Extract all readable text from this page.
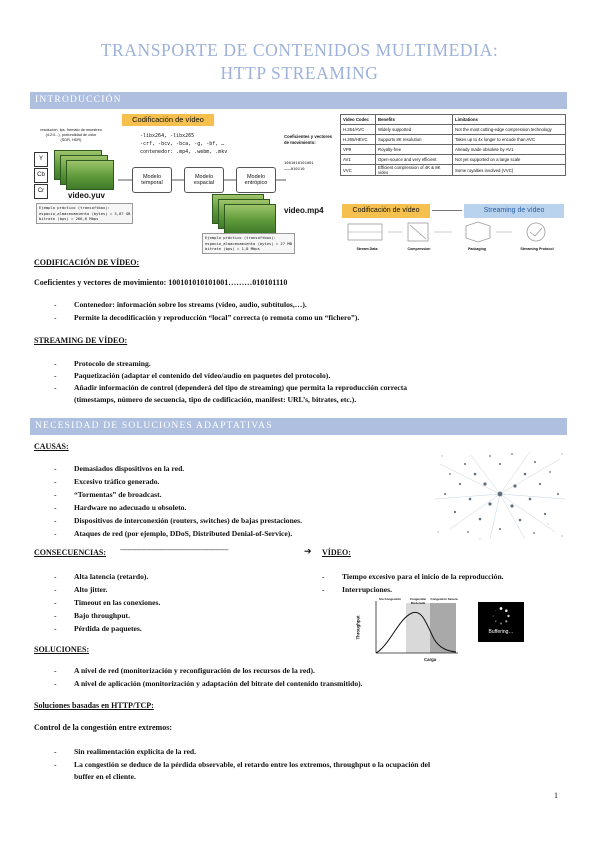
TRANSPORTE DE CONTENIDOS MULTIMEDIA:
HTTP STREAMING
INTRODUCCIÓN
Codificación de vídeo
resolución, fps, formato de muestreo (4:2:0...), profundidad de color (SDR, HDR)
Y
Cb
Cr	video.yuv
Ejemplo práctico (transoftbox):
espacio_almacenamiento (bytes) = 3,87 GB
bitrate (bps) = 266,6 Mbps
-libx264, -libx265
-crf, -bcv, -bca, -g, -bf, …
contenedor: .mp4, .webm, .mkv
Modelo temporal
Modelo espacial
Modelo entrópico
Coeficientes y vectores de movimiento:
1001010101001
………010110
video.mp4
Ejemplo práctico (transoftbox):
espacio_almacenamiento (bytes) = 27 MB
bitrate (bps) = 1,8 Mbps
Video Codec	Benefits	Limitations
H.264/AVC	Widely supported	Not the most cutting-edge compression technology
H.265/HEVC	Supports 8K resolution	Takes up to 4x longer to encode than AVC
VP9	Royalty-free	Already made obsolete by AV1
AV1	Open-source and very efficient	Not yet supported on a large scale
VVC	Efficient compression of 4K & 8K video	Some royalties involved (VVC)
Codificación de vídeo	Streaming de vídeo
Stream Data	Compression	Packaging	Streaming Protocol
CODIFICACIÓN DE VÍDEO:
Coeficientes y vectores de movimiento: 100101010101001………010101110
- Contenedor: información sobre los streams (vídeo, audio, subtítulos,…).
- Permite la decodificación y reproducción “local” correcta (o remota como un “fichero”).
STREAMING DE VÍDEO:
- Protocolo de streaming.
- Paquetización (adaptar el contenido del vídeo/audio en paquetes del protocolo).
- Añadir información de control (dependerá del tipo de streaming) que permita la reproducción correcta
(timestamps, número de secuencia, tipo de codificación, manifest: URL’s, bitrates, etc.).
NECESIDAD DE SOLUCIONES ADAPTATIVAS
CAUSAS:
- Demasiados dispositivos en la red.
- Excesivo tráfico generado.
- “Tormentas” de broadcast.
- Hardware no adecuado u obsoleto.
- Dispositivos de interconexión (routers, switches) de bajas prestaciones.
- Ataques de red (por ejemplo, DDoS, Distributed Denial-of-Service).
CONSECUENCIAS: -----------------------------------------------------------	➔ VÍDEO:
- Alta latencia (retardo).
- Alto jitter.
- Timeout en las conexiones.
- Bajo throughput.
- Pérdida de paquetes.
- Tiempo excesivo para el inicio de la reproducción.
- Interrupciones.
Sin Congestión	Congestión Moderada
Congestión Severa
Throughput
Carga
Buffering…
SOLUCIONES:
- A nivel de red (monitorización y reconfiguración de los recursos de la red).
- A nivel de aplicación (monitorización y adaptación del bitrate del contenido transmitido).
Soluciones basadas en HTTP/TCP:
Control de la congestión entre extremos:
- Sin realimentación explícita de la red.
- La congestión se deduce de la pérdida observable, el retardo entre los extremos, throughput o la ocupación del
buffer en el cliente.
1
